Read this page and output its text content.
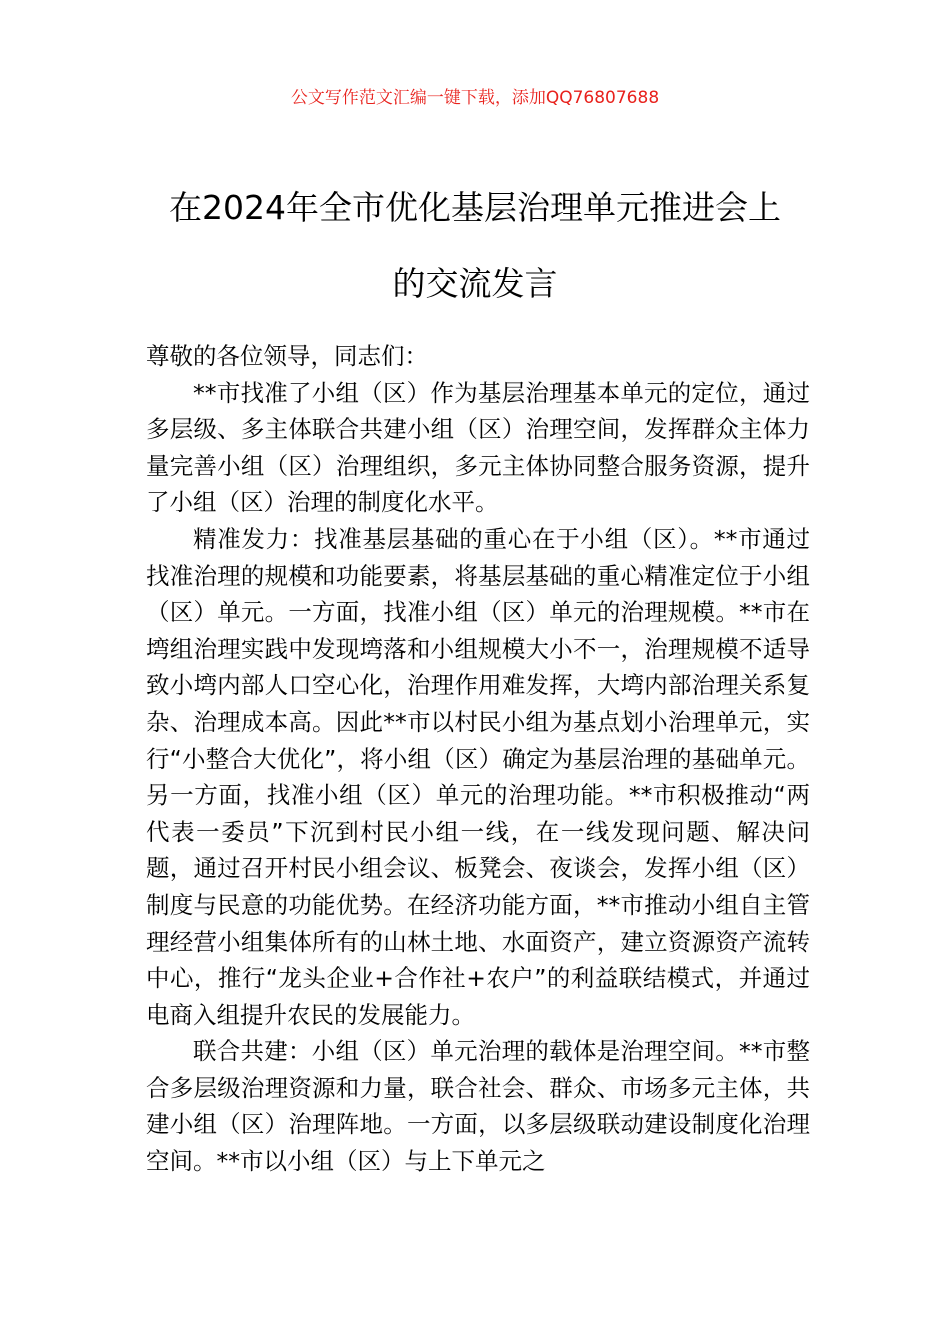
公文写作范文汇编一键下载，添加QQ76807688
在2024年全市优化基层治理单元推进会上
的交流发言

尊敬的各位领导，同志们：

**市找准了小组（区）作为基层治理基本单元的定位，通过多层级、多主体联合共建小组（区）治理空间，发挥群众主体力量完善小组（区）治理组织，多元主体协同整合服务资源，提升了小组（区）治理的制度化水平。

精准发力：找准基层基础的重心在于小组（区）。**市通过找准治理的规模和功能要素，将基层基础的重心精准定位于小组（区）单元。一方面，找准小组（区）单元的治理规模。**市在塆组治理实践中发现塆落和小组规模大小不一，治理规模不适导致小塆内部人口空心化，治理作用难发挥，大塆内部治理关系复杂、治理成本高。因此**市以村民小组为基点划小治理单元，实行“小整合大优化”，将小组（区）确定为基层治理的基础单元。另一方面，找准小组（区）单元的治理功能。**市积极推动“两代表一委员”下沉到村民小组一线，在一线发现问题、解决问题，通过召开村民小组会议、板凳会、夜谈会，发挥小组（区）制度与民意的功能优势。在经济功能方面，**市推动小组自主管理经营小组集体所有的山林土地、水面资产，建立资源资产流转中心，推行“龙头企业+合作社+农户”的利益联结模式，并通过电商入组提升农民的发展能力。

联合共建：小组（区）单元治理的载体是治理空间。**市整合多层级治理资源和力量，联合社会、群众、市场多元主体，共建小组（区）治理阵地。一方面，以多层级联动建设制度化治理空间。**市以小组（区）与上下单元之
